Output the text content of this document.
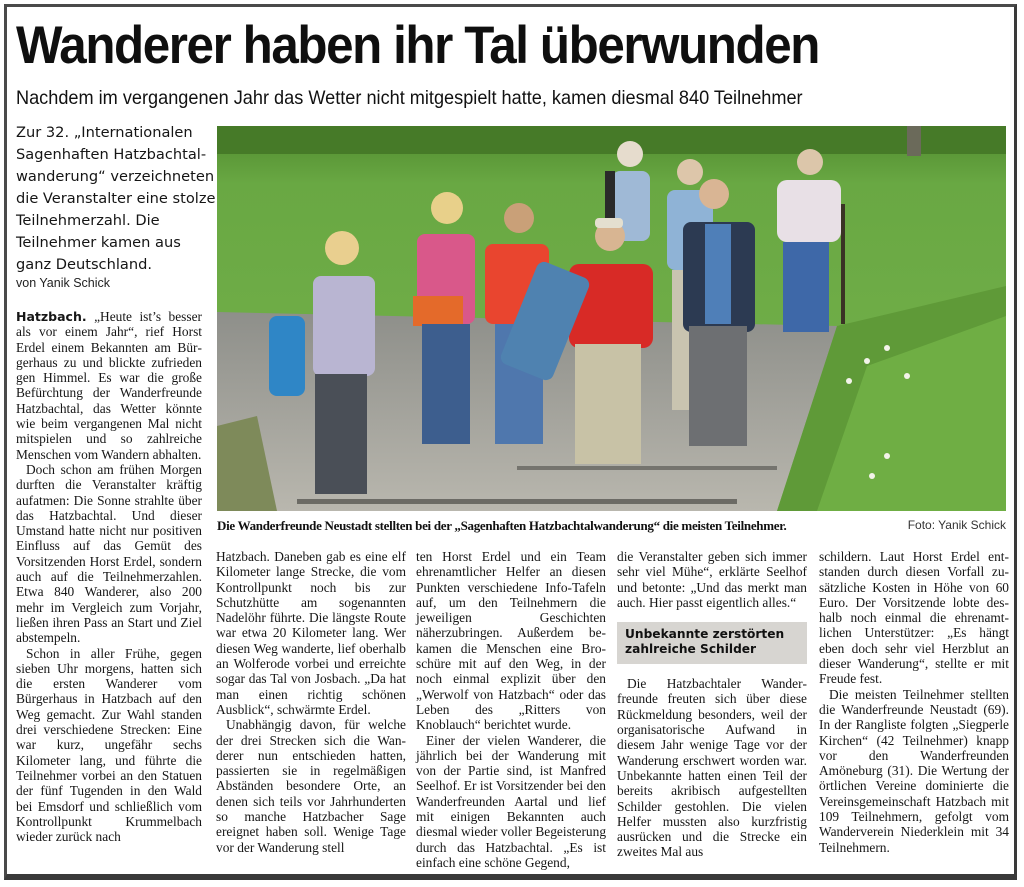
Wanderer haben ihr Tal überwunden
Nachdem im vergangenen Jahr das Wetter nicht mitgespielt hatte, kamen diesmal 840 Teilnehmer
Zur 32. „Internationalen Sagenhaften Hatzbachtalwanderung“ verzeichneten die Veranstalter eine stolze Teilnehmerzahl. Die Teilnehmer kamen aus ganz Deutschland.
von Yanik Schick
Die Wanderfreunde Neustadt stellten bei der „Sagenhaften Hatzbachtalwanderung“ die meisten Teilnehmer.	Foto: Yanik Schick

Hatzbach. „Heute ist’s besser als vor einem Jahr“, rief Horst Erdel einem Bekannten am Bürgerhaus zu und blickte zufrieden gen Himmel. Es war die große Befürchtung der Wanderfreunde Hatzbachtal, das Wetter könnte wie beim vergangenen Mal nicht mitspielen und so zahlreiche Menschen vom Wandern abhalten.

Doch schon am frühen Morgen durften die Veranstalter kräftig aufatmen: Die Sonne strahlte über das Hatzbachtal. Und dieser Umstand hatte nicht nur positiven Einfluss auf das Gemüt des Vorsitzenden Horst Erdel, sondern auch auf die Teilnehmerzahlen. Etwa 840 Wanderer, also 200 mehr im Vergleich zum Vorjahr, ließen ihren Pass an Start und Ziel abstempeln.

Schon in aller Frühe, gegen sieben Uhr morgens, hatten sich die ersten Wanderer vom Bürgerhaus in Hatzbach auf den Weg gemacht. Zur Wahl standen drei verschiedene Strecken: Eine war kurz, ungefähr sechs Kilometer lang, und führte die Teilnehmer vorbei an den Statuen der fünf Tugenden in den Wald bei Emsdorf und schließlich vom Kontrollpunkt Krummelbach wieder zurück nach

Hatzbach. Daneben gab es eine elf Kilometer lange Strecke, die vom Kontrollpunkt noch bis zur Schutzhütte am sogenannten Nadelöhr führte. Die längste Route war etwa 20 Kilometer lang. Wer diesen Weg wanderte, lief oberhalb an Wolferode vorbei und erreichte sogar das Tal von Josbach. „Da hat man einen richtig schönen Ausblick“, schwärmte Erdel.

Unabhängig davon, für welche der drei Strecken sich die Wanderer nun entschieden hatten, passierten sie in regelmäßigen Abständen besondere Orte, an denen sich teils vor Jahrhunderten so manche Hatzbacher Sage ereignet haben soll. Wenige Tage vor der Wanderung stell

ten Horst Erdel und ein Team ehrenamtlicher Helfer an diesen Punkten verschiedene Info-Tafeln auf, um den Teilnehmern die jeweiligen Geschichten näherzubringen. Außerdem bekamen die Menschen eine Broschüre mit auf den Weg, in der noch einmal explizit über den „Werwolf von Hatzbach“ oder das Leben des „Ritters von Knoblauch“ berichtet wurde.

Einer der vielen Wanderer, die jährlich bei der Wanderung mit von der Partie sind, ist Manfred Seelhof. Er ist Vorsitzender bei den Wanderfreunden Aartal und lief mit einigen Bekannten auch diesmal wieder voller Begeisterung durch das Hatzbachtal. „Es ist einfach eine schöne Gegend,

die Veranstalter geben sich immer sehr viel Mühe“, erklärte Seelhof und betonte: „Und das merkt man auch. Hier passt eigentlich alles.“

Unbekannte zerstörten zahlreiche Schilder

Die Hatzbachtaler Wanderfreunde freuten sich über diese Rückmeldung besonders, weil der organisatorische Aufwand in diesem Jahr wenige Tage vor der Wanderung erschwert worden war. Unbekannte hatten einen Teil der bereits akribisch aufgestellten Schilder gestohlen. Die vielen Helfer mussten also kurzfristig ausrücken und die Strecke ein zweites Mal aus

schildern. Laut Horst Erdel entstanden durch diesen Vorfall zusätzliche Kosten in Höhe von 60 Euro. Der Vorsitzende lobte deshalb noch einmal die ehrenamtlichen Unterstützer: „Es hängt eben doch sehr viel Herzblut an dieser Wanderung“, stellte er mit Freude fest.

Die meisten Teilnehmer stellten die Wanderfreunde Neustadt (69). In der Rangliste folgten „Siegperle Kirchen“ (42 Teilnehmer) knapp vor den Wanderfreunden Amöneburg (31). Die Wertung der örtlichen Vereine dominierte die Vereinsgemeinschaft Hatzbach mit 109 Teilnehmern, gefolgt vom Wanderverein Niederklein mit 34 Teilnehmern.
